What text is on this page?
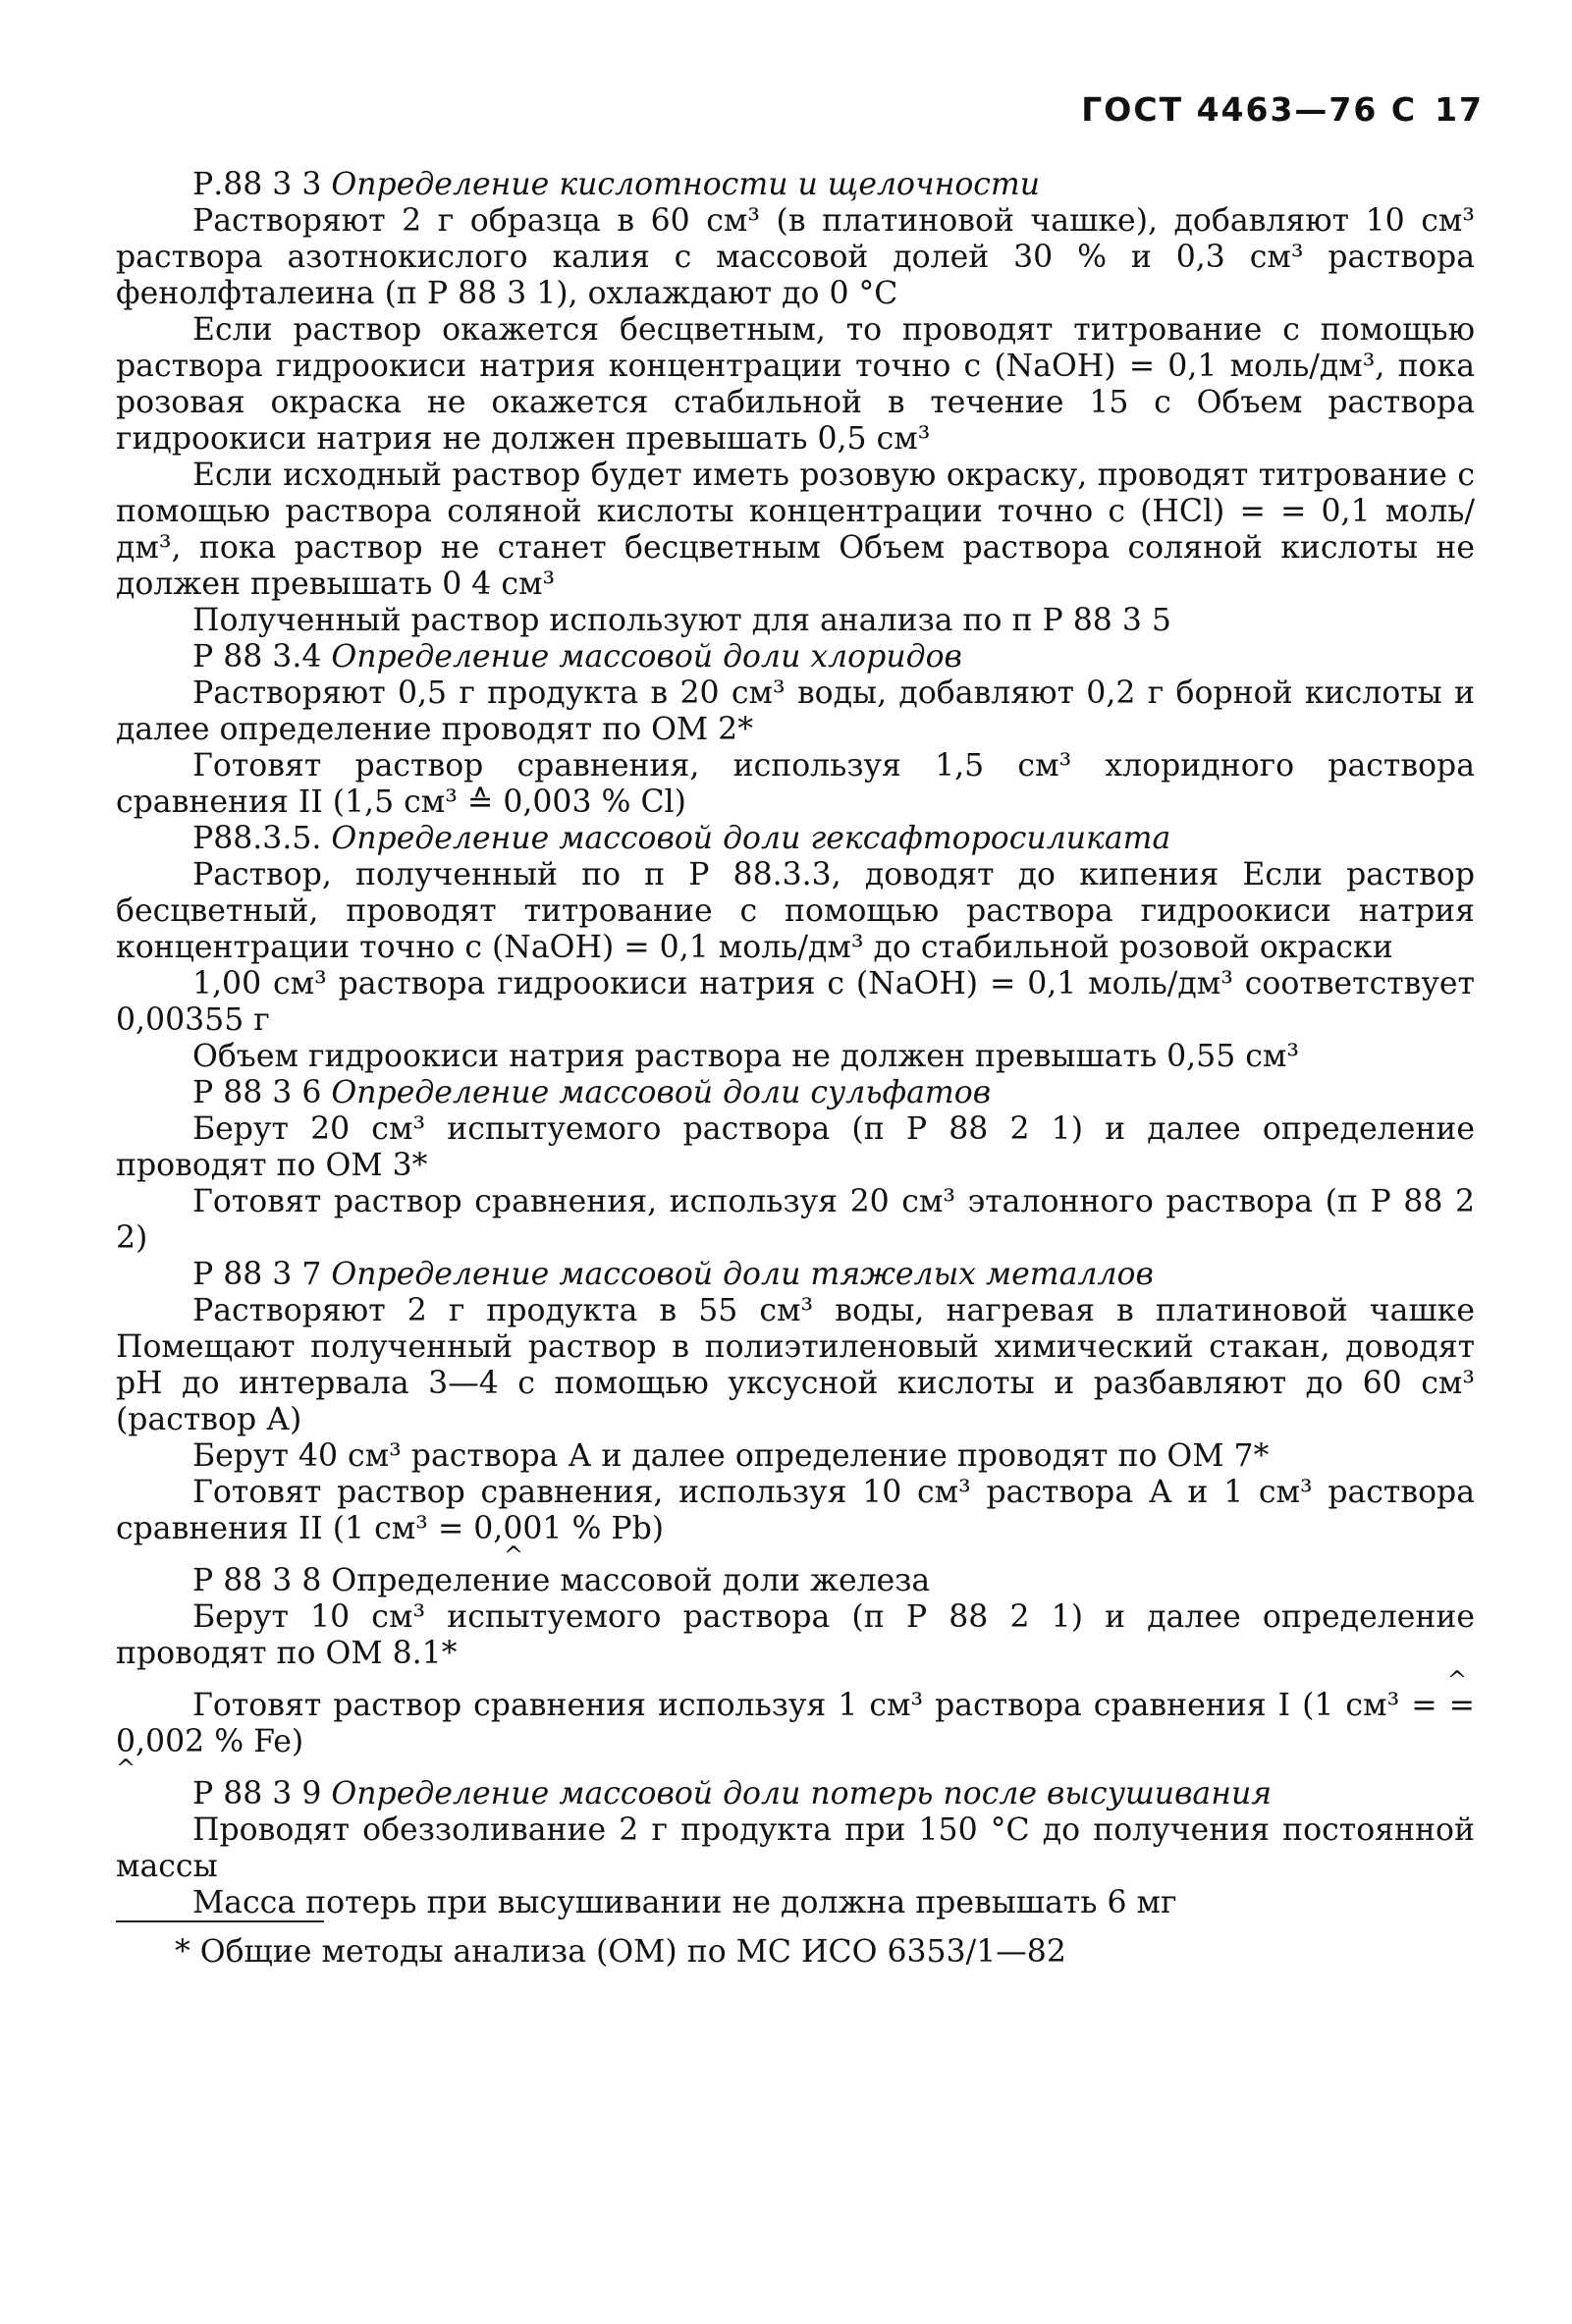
ГОСТ 4463—76 С 17

Р.88 3 3 Определение кислотности и щелочности

Растворяют 2 г образца в 60 см³ (в платиновой чашке), добавляют 10 см³ раствора азотнокислого калия с массовой долей 30 % и 0,3 см³ раствора фенолфталеина (п Р 88 3 1), охлаждают до 0 °С

Если раствор окажется бесцветным, то проводят титрование с помощью раствора гидроокиси натрия концентрации точно с (NaOH) = 0,1 моль/дм³, пока розовая окраска не окажется стабильной в течение 15 с Объем раствора гидроокиси натрия не должен превышать 0,5 см³

Если исходный раствор будет иметь розовую окраску, проводят титрование с помощью раствора соляной кислоты концентрации точно с (HCl) = = 0,1 моль/дм³, пока раствор не станет бесцветным Объем раствора соляной кислоты не должен превышать 0 4 см³

Полученный раствор используют для анализа по п Р 88 3 5

Р 88 3.4 Определение массовой доли хлоридов

Растворяют 0,5 г продукта в 20 см³ воды, добавляют 0,2 г борной кислоты и далее определение проводят по ОМ 2*

Готовят раствор сравнения, используя 1,5 см³ хлоридного раствора сравнения II (1,5 см³ ≙ 0,003 % Cl)

Р88.3.5. Определение массовой доли гексафторосиликата

Раствор, полученный по п Р 88.3.3, доводят до кипения Если раствор бесцветный, проводят титрование с помощью раствора гидроокиси натрия концентрации точно с (NaOH) = 0,1 моль/дм³ до стабильной розовой окраски

1,00 см³ раствора гидроокиси натрия с (NaOH) = 0,1 моль/дм³ соответствует 0,00355 г

Объем гидроокиси натрия раствора не должен превышать 0,55 см³

Р 88 3 6 Определение массовой доли сульфатов

Берут 20 см³ испытуемого раствора (п Р 88 2 1) и далее определение проводят по ОМ 3*

Готовят раствор сравнения, используя 20 см³ эталонного раствора (п Р 88 2 2)

Р 88 3 7 Определение массовой доли тяжелых металлов

Растворяют 2 г продукта в 55 см³ воды, нагревая в платиновой чашке Помещают полученный раствор в полиэтиленовый химический стакан, доводят рН до интервала 3—4 с помощью уксусной кислоты и разбавляют до 60 см³ (раствор А)

Берут 40 см³ раствора А и далее определение проводят по ОМ 7*

Готовят раствор сравнения, используя 10 см³ раствора А и 1 см³ раствора сравнения II (1 см³ = 0,001 % Pb)

^

Р 88 3 8 Определение массовой доли железа

Берут 10 см³ испытуемого раствора (п Р 88 2 1) и далее определение проводят по ОМ 8.1*

^

Готовят раствор сравнения используя 1 см³ раствора сравнения I (1 см³ = = 0,002 % Fe)

^

Р 88 3 9 Определение массовой доли потерь после высушивания

Проводят обеззоливание 2 г продукта при 150 °С до получения постоянной массы

Масса потерь при высушивании не должна превышать 6 мг

* Общие методы анализа (ОМ) по МС ИСО 6353/1—82
